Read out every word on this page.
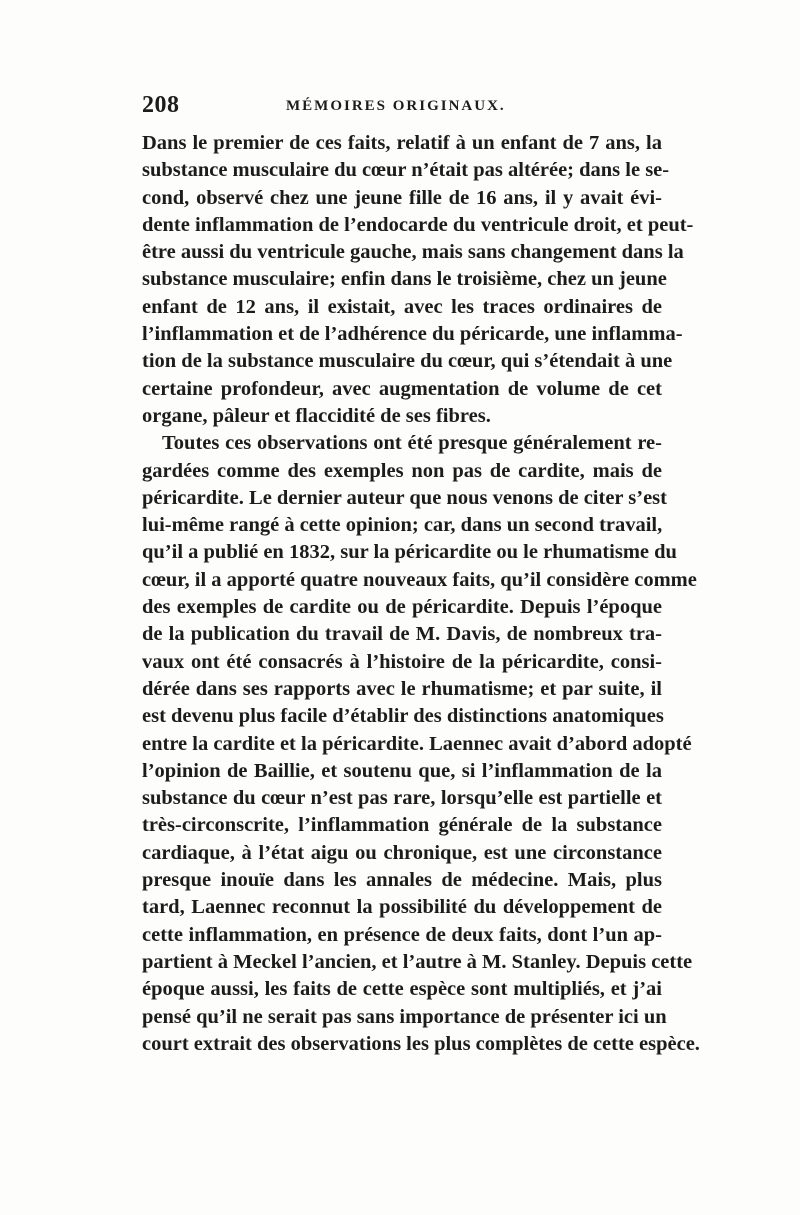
208	MÉMOIRES ORIGINAUX.
Dans le premier de ces faits, relatif à un enfant de 7 ans, la
substance musculaire du cœur n’était pas altérée; dans le se-
cond, observé chez une jeune fille de 16 ans, il y avait évi-
dente inflammation de l’endocarde du ventricule droit, et peut-
être aussi du ventricule gauche, mais sans changement dans la
substance musculaire; enfin dans le troisième, chez un jeune
enfant de 12 ans, il existait, avec les traces ordinaires de
l’inflammation et de l’adhérence du péricarde, une inflamma-
tion de la substance musculaire du cœur, qui s’étendait à une
certaine profondeur, avec augmentation de volume de cet
organe, pâleur et flaccidité de ses fibres.
Toutes ces observations ont été presque généralement re-
gardées comme des exemples non pas de cardite, mais de
péricardite. Le dernier auteur que nous venons de citer s’est
lui-même rangé à cette opinion; car, dans un second travail,
qu’il a publié en 1832, sur la péricardite ou le rhumatisme du
cœur, il a apporté quatre nouveaux faits, qu’il considère comme
des exemples de cardite ou de péricardite. Depuis l’époque
de la publication du travail de M. Davis, de nombreux tra-
vaux ont été consacrés à l’histoire de la péricardite, consi-
dérée dans ses rapports avec le rhumatisme; et par suite, il
est devenu plus facile d’établir des distinctions anatomiques
entre la cardite et la péricardite. Laennec avait d’abord adopté
l’opinion de Baillie, et soutenu que, si l’inflammation de la
substance du cœur n’est pas rare, lorsqu’elle est partielle et
très-circonscrite, l’inflammation générale de la substance
cardiaque, à l’état aigu ou chronique, est une circonstance
presque inouïe dans les annales de médecine. Mais, plus
tard, Laennec reconnut la possibilité du développement de
cette inflammation, en présence de deux faits, dont l’un ap-
partient à Meckel l’ancien, et l’autre à M. Stanley. Depuis cette
époque aussi, les faits de cette espèce sont multipliés, et j’ai
pensé qu’il ne serait pas sans importance de présenter ici un
court extrait des observations les plus complètes de cette espèce.
